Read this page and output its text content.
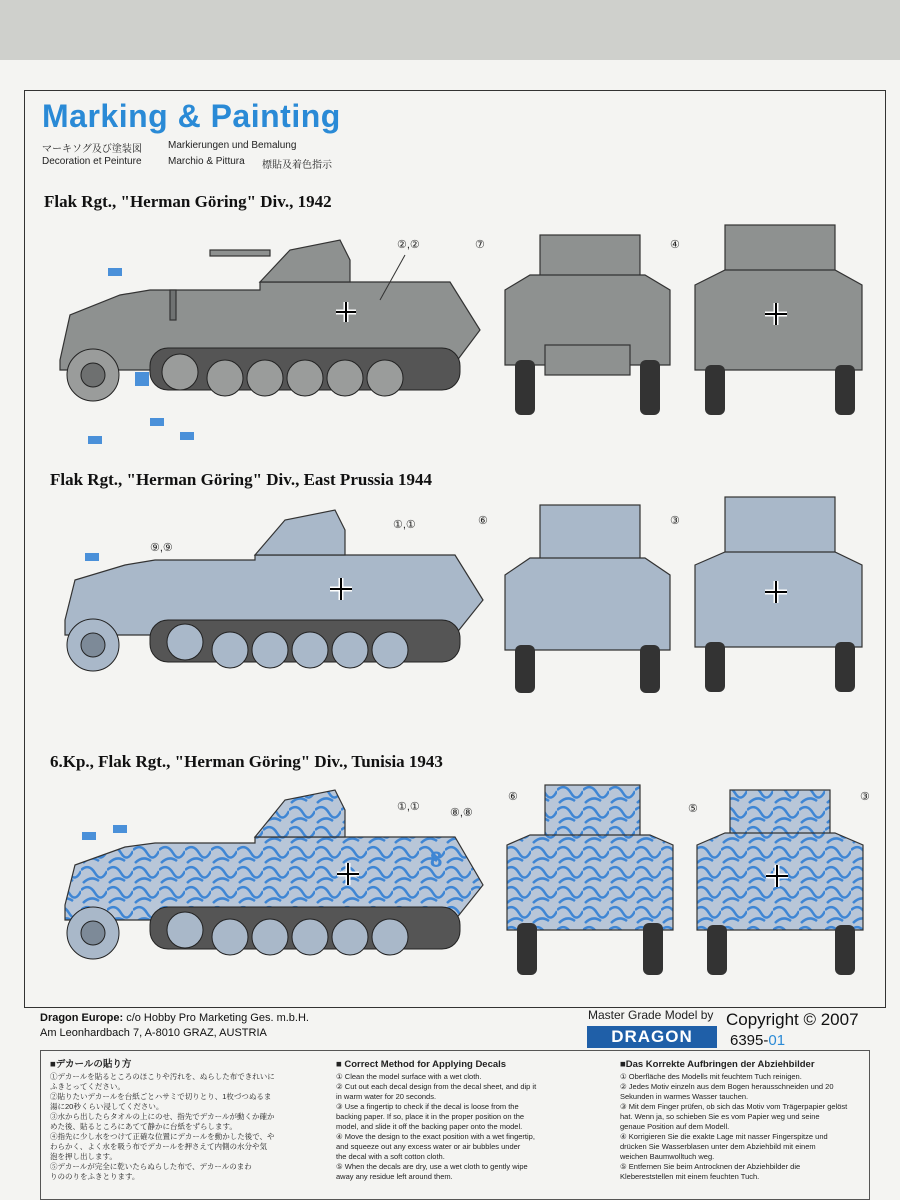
Marking & Painting
マーキソグ及び塗装図	Markierungen und Bemalung
Decoration et Peinture	Marchio & Pittura 標貼及着色指示
Flak Rgt., "Herman Göring" Div., 1942
②,②	⑦	④
Flak Rgt., "Herman Göring" Div., East Prussia 1944
⑨,⑨
①,①	⑥	③
6.Kp., Flak Rgt., "Herman Göring" Div., Tunisia 1943
8
①,①	⑧,⑧
⑥
⑤
③
Dragon Europe: c/o Hobby Pro Marketing Ges. m.b.H.
Am Leonhardbach 7, A-8010 GRAZ, AUSTRIA
Master Grade Model by
DRAGON
Copyright © 2007
6395-01
■デカールの貼り方

①デカールを貼るところのほこりや汚れを、ぬらした布できれいに

ふきとってください。

②貼りたいデカールを台紙ごとハサミで切りとり、1枚づつぬるま

湯に20秒くらい浸してください。

③水から出したらタオルの上にのせ、指先でデカールが動くか確か

めた後、貼るところにあてて静かに台紙をずらします。

④指先に少し水をつけて正確な位置にデカールを動かした後で、や

わらかく、よく水を吸う布でデカールを押さえて内側の水分や気

泡を押し出します。

⑤デカールが完全に乾いたらぬらした布で、デカールのまわ

りののりをふきとります。

■ Correct Method for Applying Decals

① Clean the model surface with a wet cloth.

② Cut out each decal design from the decal sheet, and dip it

in warm water for 20 seconds.

③ Use a fingertip to check if the decal is loose from the

backing paper. If so, place it in the proper position on the

model, and slide it off the backing paper onto the model.

④ Move the design to the exact position with a wet fingertip,

and squeeze out any excess water or air bubbles under

the decal with a soft cotton cloth.

⑤ When the decals are dry, use a wet cloth to gently wipe

away any residue left around them.

■Das Korrekte Aufbringen der Abziehbilder

① Oberfläche des Modells mit feuchtem Tuch reinigen.

② Jedes Motiv einzeln aus dem Bogen herausschneiden und 20

Sekunden in warmes Wasser tauchen.

③ Mit dem Finger prüfen, ob sich das Motiv vom Trägerpapier gelöst

hat. Wenn ja, so schieben Sie es vom Papier weg und seine

genaue Position auf dem Modell.

④ Korrigieren Sie die exakte Lage mit nasser Fingerspitze und

drücken Sie Wasserblasen unter dem Abziehbild mit einem

weichen Baumwolltuch weg.

⑤ Entfernen Sie beim Antrocknen der Abziehbilder die

Klebereststellen mit einem feuchten Tuch.
